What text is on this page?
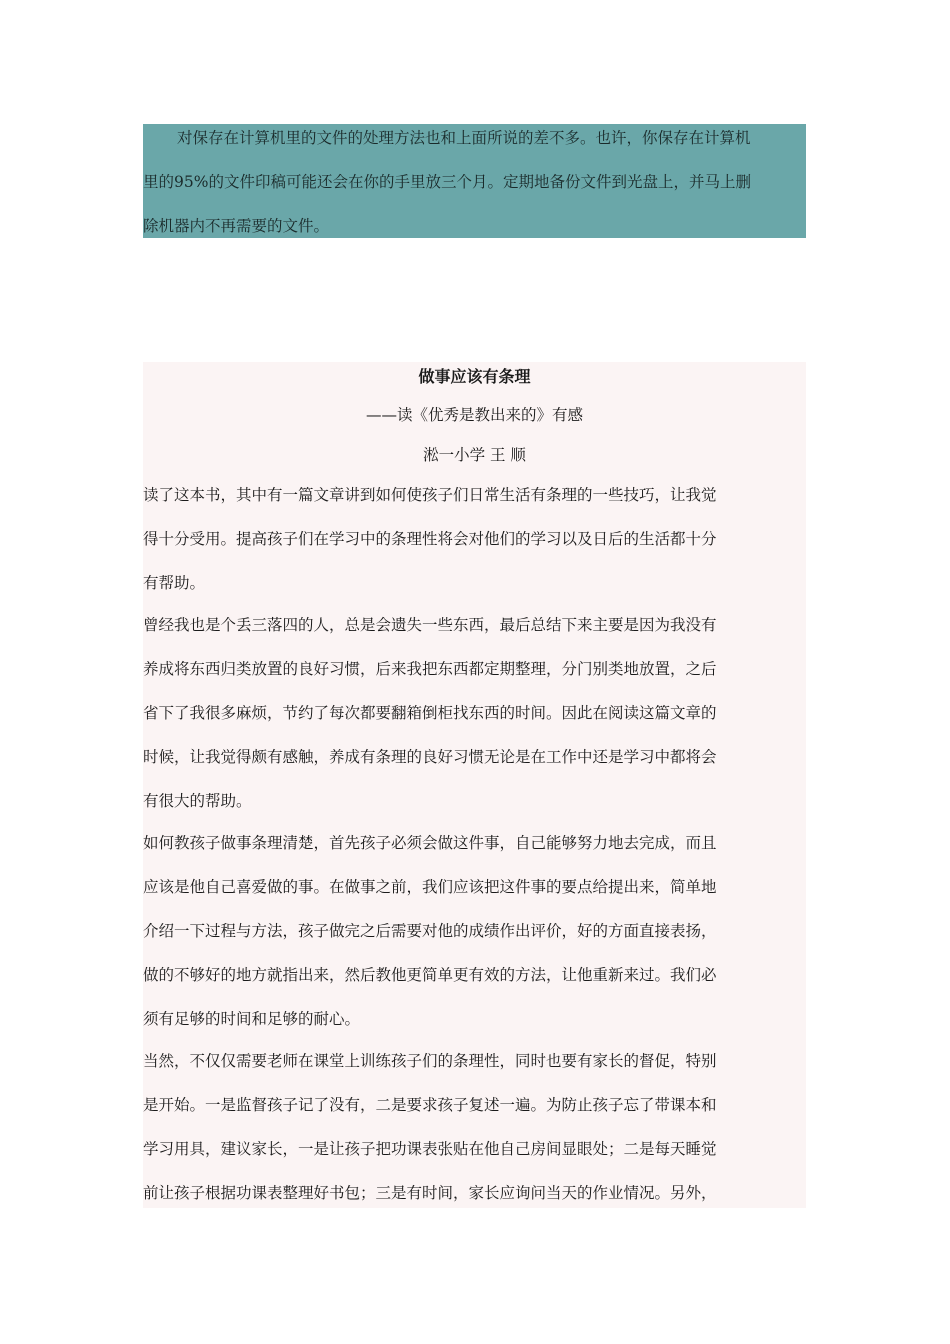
对保存在计算机里的文件的处理方法也和上面所说的差不多。也许，你保存在计算机
里的95%的文件印稿可能还会在你的手里放三个月。定期地备份文件到光盘上，并马上删
除机器内不再需要的文件。
做事应该有条理
——读《优秀是教出来的》有感
淞一小学 王 顺
读了这本书，其中有一篇文章讲到如何使孩子们日常生活有条理的一些技巧，让我觉
得十分受用。提高孩子们在学习中的条理性将会对他们的学习以及日后的生活都十分
有帮助。
曾经我也是个丢三落四的人，总是会遗失一些东西，最后总结下来主要是因为我没有
养成将东西归类放置的良好习惯，后来我把东西都定期整理，分门别类地放置，之后
省下了我很多麻烦，节约了每次都要翻箱倒柜找东西的时间。因此在阅读这篇文章的
时候，让我觉得颇有感触，养成有条理的良好习惯无论是在工作中还是学习中都将会
有很大的帮助。
如何教孩子做事条理清楚，首先孩子必须会做这件事，自己能够努力地去完成，而且
应该是他自己喜爱做的事。在做事之前，我们应该把这件事的要点给提出来，简单地
介绍一下过程与方法，孩子做完之后需要对他的成绩作出评价，好的方面直接表扬，
做的不够好的地方就指出来，然后教他更简单更有效的方法，让他重新来过。我们必
须有足够的时间和足够的耐心。
当然，不仅仅需要老师在课堂上训练孩子们的条理性，同时也要有家长的督促，特别
是开始。一是监督孩子记了没有，二是要求孩子复述一遍。为防止孩子忘了带课本和
学习用具，建议家长，一是让孩子把功课表张贴在他自己房间显眼处；二是每天睡觉
前让孩子根据功课表整理好书包；三是有时间，家长应询问当天的作业情况。另外，
